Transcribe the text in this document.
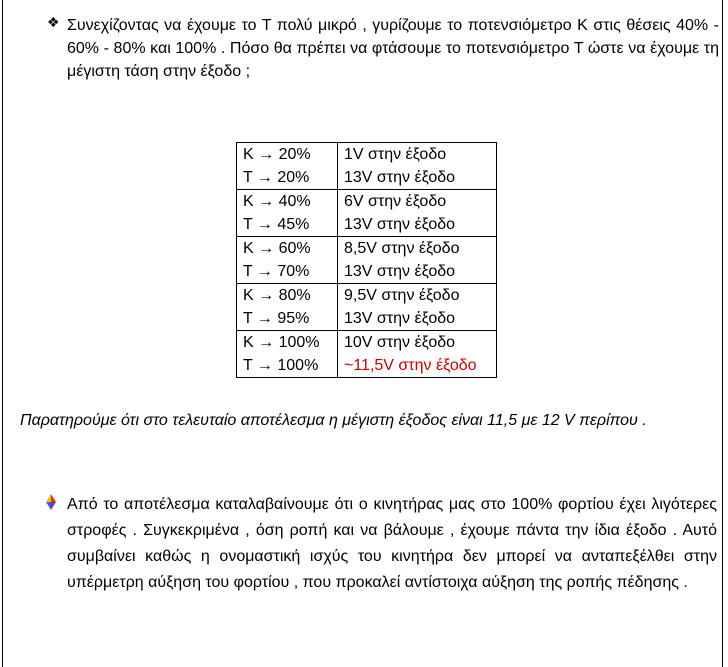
❖ Συνεχίζοντας να έχουμε το Τ πολύ μικρό , γυρίζουμε το ποτενσιόμετρο Κ στις θέσεις 40% - 60% - 80% και 100% . Πόσο θα πρέπει να φτάσουμε το ποτενσιόμετρο Τ ώστε να έχουμε τη μέγιστη τάση στην έξοδο ;

Κ → 20%	1V στην έξοδο
Τ → 20%	13V στην έξοδο
Κ → 40%	6V στην έξοδο
Τ → 45%	13V στην έξοδο
Κ → 60%	8,5V στην έξοδο
Τ → 70%	13V στην έξοδο
Κ → 80%	9,5V στην έξοδο
Τ → 95%	13V στην έξοδο
Κ → 100%	10V στην έξοδο
Τ → 100%	~11,5V στην έξοδο

Παρατηρούμε ότι στο τελευταίο αποτέλεσμα η μέγιστη έξοδος είναι 11,5 με 12 V περίπου .

Από το αποτέλεσμα καταλαβαίνουμε ότι ο κινητήρας μας στο 100% φορτίου έχει λιγότερες στροφές . Συγκεκριμένα , όση ροπή και να βάλουμε , έχουμε πάντα την ίδια έξοδο . Αυτό συμβαίνει καθώς η ονομαστική ισχύς του κινητήρα δεν μπορεί να ανταπεξέλθει στην υπέρμετρη αύξηση του φορτίου , που προκαλεί αντίστοιχα αύξηση της ροπής πέδησης .
